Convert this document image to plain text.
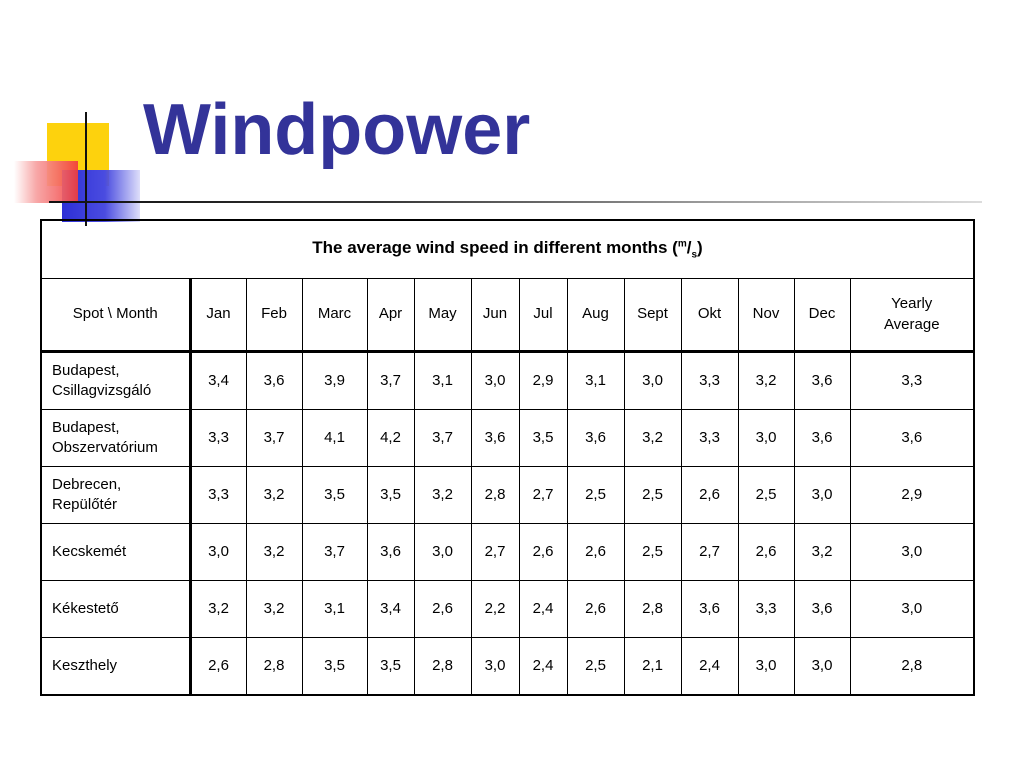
Windpower
The average wind speed in different months $(^m/_s)$													
Spot \ Month	Jan	Feb	Marc	Apr	May	Jun	Jul	Aug	Sept	Okt	Nov	Dec	Yearly
Average
Budapest,
Csillagvizsgáló	3,4	3,6	3,9	3,7	3,1	3,0	2,9	3,1	3,0	3,3	3,2	3,6	3,3
Budapest,
Obszervatórium	3,3	3,7	4,1	4,2	3,7	3,6	3,5	3,6	3,2	3,3	3,0	3,6	3,6
Debrecen,
Repülőtér	3,3	3,2	3,5	3,5	3,2	2,8	2,7	2,5	2,5	2,6	2,5	3,0	2,9
Kecskemét	3,0	3,2	3,7	3,6	3,0	2,7	2,6	2,6	2,5	2,7	2,6	3,2	3,0
Kékestető	3,2	3,2	3,1	3,4	2,6	2,2	2,4	2,6	2,8	3,6	3,3	3,6	3,0
Keszthely	2,6	2,8	3,5	3,5	2,8	3,0	2,4	2,5	2,1	2,4	3,0	3,0	2,8
